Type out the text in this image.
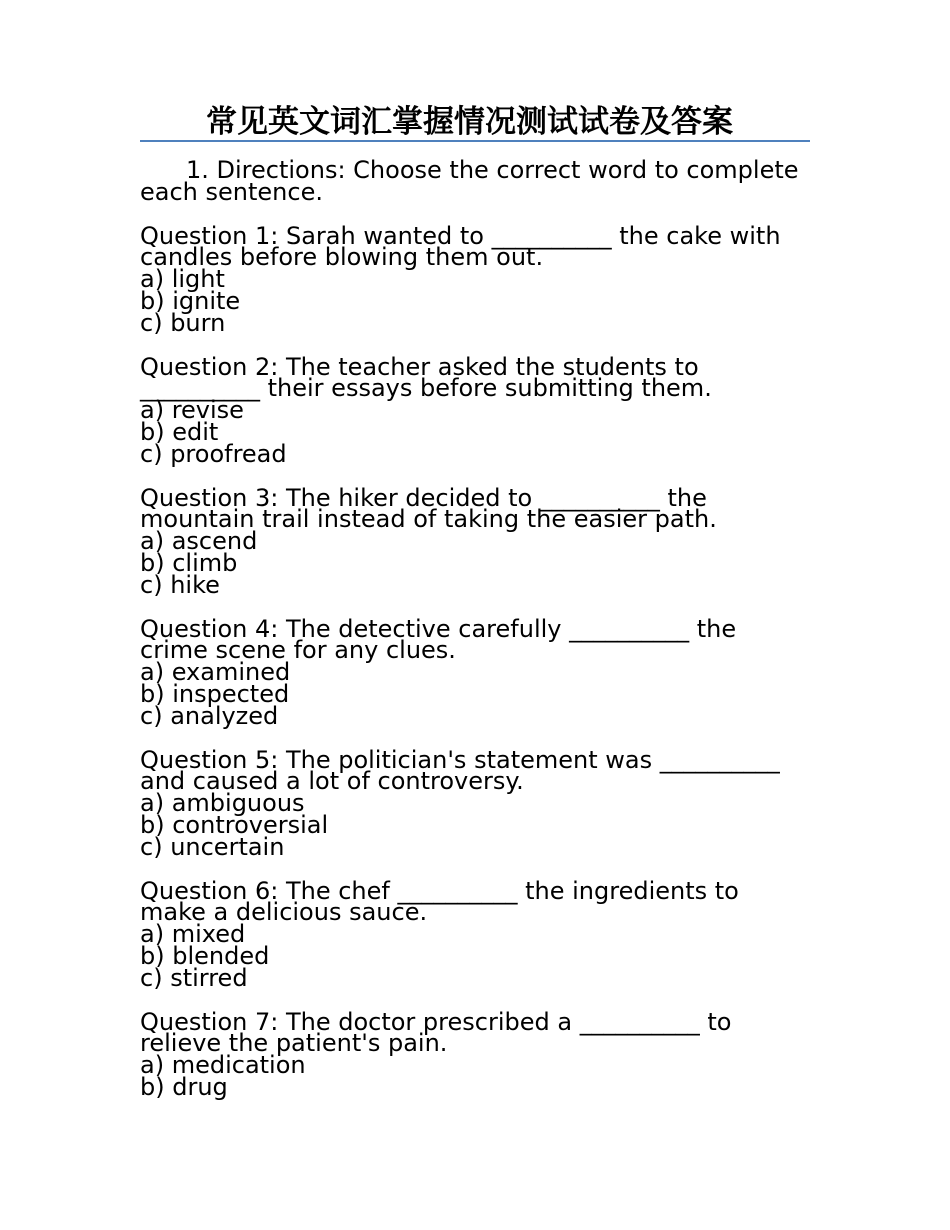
常见英文词汇掌握情况测试试卷及答案

1. Directions: Choose the correct word to complete each sentence.

Question 1: Sarah wanted to __________ the cake with candles before blowing them out.

a) light

b) ignite

c) burn

Question 2: The teacher asked the students to __________ their essays before submitting them.

a) revise

b) edit

c) proofread

Question 3: The hiker decided to __________ the mountain trail instead of taking the easier path.

a) ascend

b) climb

c) hike

Question 4: The detective carefully __________ the crime scene for any clues.

a) examined

b) inspected

c) analyzed

Question 5: The politician's statement was __________ and caused a lot of controversy.

a) ambiguous

b) controversial

c) uncertain

Question 6: The chef __________ the ingredients to make a delicious sauce.

a) mixed

b) blended

c) stirred

Question 7: The doctor prescribed a __________ to relieve the patient's pain.

a) medication

b) drug
